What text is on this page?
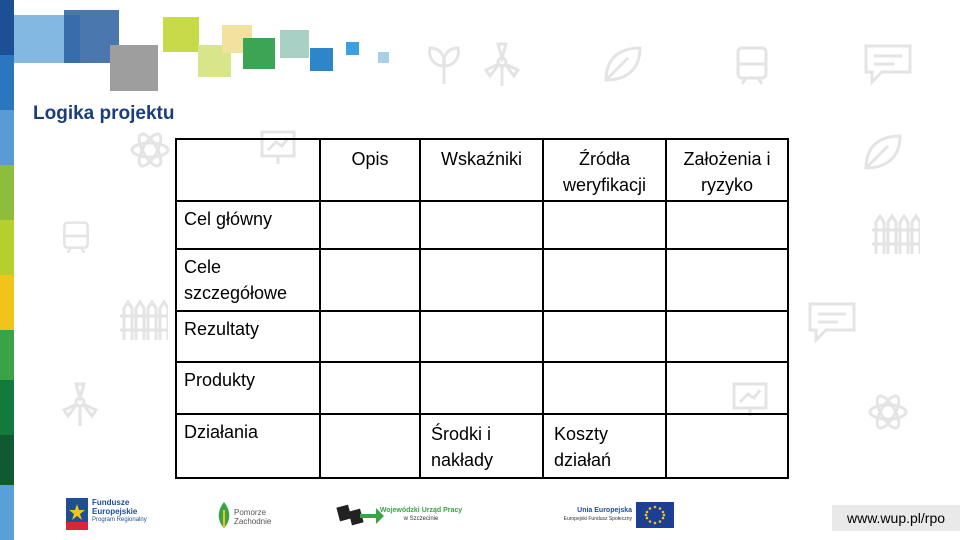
Logika projektu
	Opis	Wskaźniki	Źródła weryfikacji	Założenia i ryzyko
Cel główny				
Cele szczegółowe				
Rezultaty				
Produkty				
Działania		Środki i nakłady	Koszty działań	

Fundusze
Europejskie
Program Regionalny
Pomorze
Zachodnie
Wojewódzki Urząd Pracy
w Szczecinie
Unia Europejska
Europejski Fundusz Społeczny	www.wup.pl/rpo
